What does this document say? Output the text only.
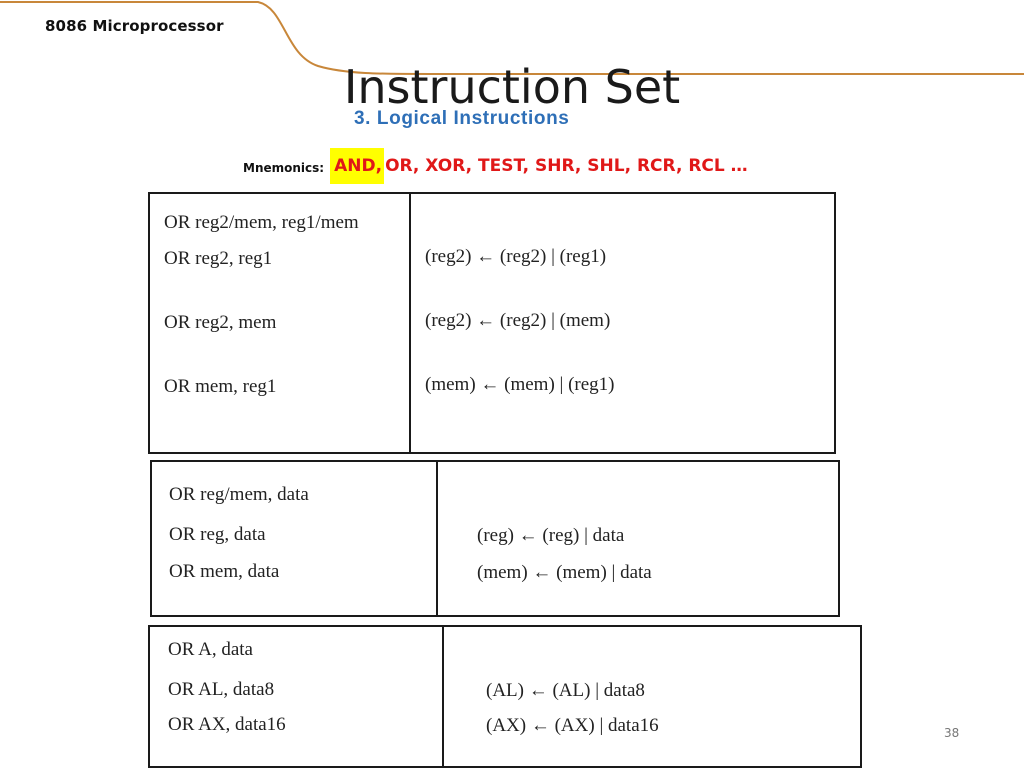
8086 Microprocessor
3. Logical Instructions
Instruction Set
Mnemonics: AND, OR, XOR, TEST, SHR, SHL, RCR, RCL …
OR reg2/mem, reg1/mem
OR reg2, reg1
OR reg2, mem
OR mem, reg1
(reg2) ← (reg2) | (reg1)
(reg2) ← (reg2) | (mem)
(mem) ← (mem) | (reg1)
OR reg/mem, data
OR reg, data
OR mem, data
(reg) ← (reg) | data
(mem) ← (mem) | data
OR A, data
OR AL, data8
OR AX, data16
(AL) ← (AL) | data8
(AX) ← (AX) | data16	38
